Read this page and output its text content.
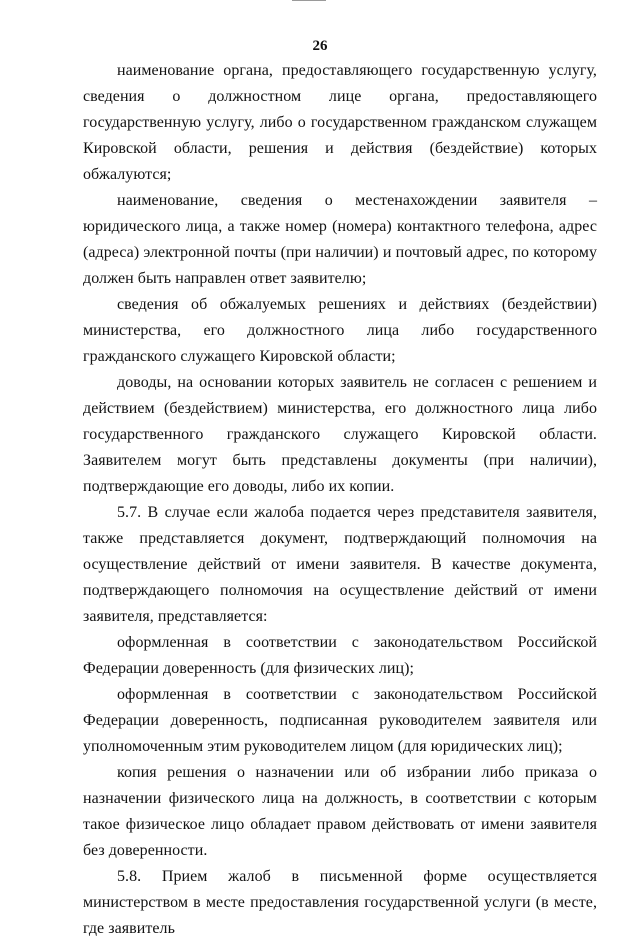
26

наименование органа, предоставляющего государственную услугу, сведения о должностном лице органа, предоставляющего государственную услугу, либо о государственном гражданском служащем Кировской области, решения и действия (бездействие) которых обжалуются;

наименование, сведения о местенахождении заявителя – юридического лица, а также номер (номера) контактного телефона, адрес (адреса) электронной почты (при наличии) и почтовый адрес, по которому должен быть направлен ответ заявителю;

сведения об обжалуемых решениях и действиях (бездействии) министерства, его должностного лица либо государственного гражданского служащего Кировской области;

доводы, на основании которых заявитель не согласен с решением и действием (бездействием) министерства, его должностного лица либо государственного гражданского служащего Кировской области. Заявителем могут быть представлены документы (при наличии), подтверждающие его доводы, либо их копии.

5.7. В случае если жалоба подается через представителя заявителя, также представляется документ, подтверждающий полномочия на осуществление действий от имени заявителя. В качестве документа, подтверждающего полномочия на осуществление действий от имени заявителя, представляется:

оформленная в соответствии с законодательством Российской Федерации доверенность (для физических лиц);

оформленная в соответствии с законодательством Российской Федерации доверенность, подписанная руководителем заявителя или уполномоченным этим руководителем лицом (для юридических лиц);

копия решения о назначении или об избрании либо приказа о назначении физического лица на должность, в соответствии с которым такое физическое лицо обладает правом действовать от имени заявителя без доверенности.

5.8. Прием жалоб в письменной форме осуществляется министерством в месте предоставления государственной услуги (в месте, где заявитель
